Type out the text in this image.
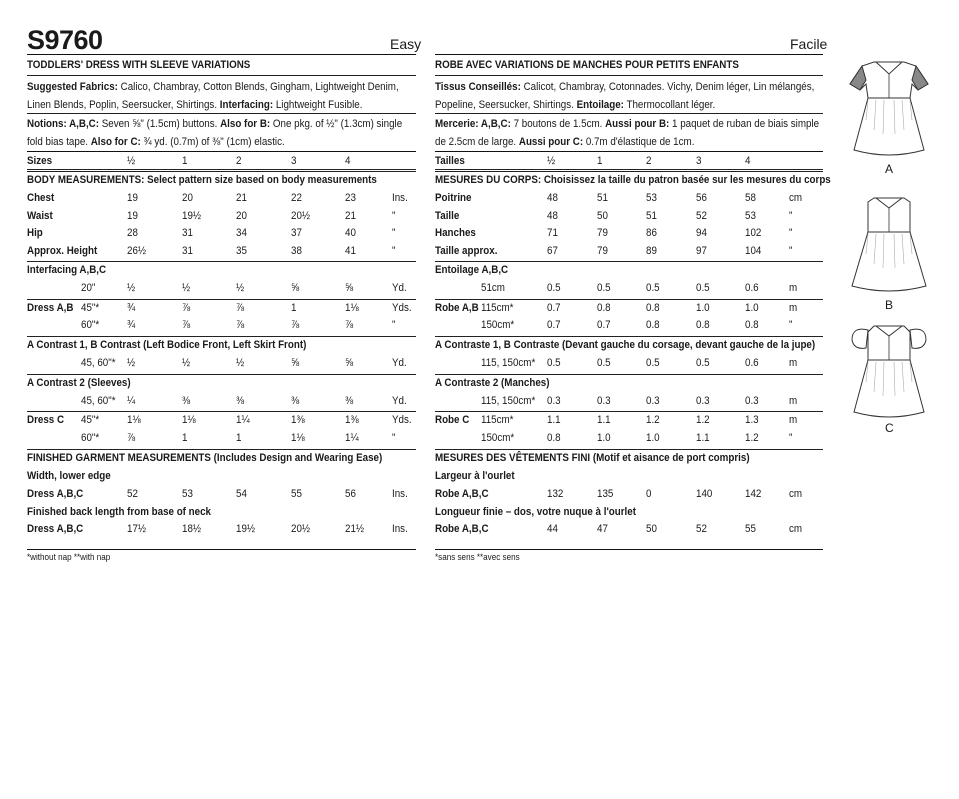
S9760	Easy	Facile
TODDLERS' DRESS WITH SLEEVE VARIATIONS
Suggested Fabrics: Calico, Chambray, Cotton Blends, Gingham, Lightweight Denim,
Linen Blends, Poplin, Seersucker, Shirtings. Interfacing: Lightweight Fusible.
Notions: A,B,C: Seven ⅝" (1.5cm) buttons. Also for B: One pkg. of ½" (1.3cm) single
fold bias tape. Also for C: ¾ yd. (0.7m) of ⅜" (1cm) elastic.
Sizes	½	1	2	3	4
BODY MEASUREMENTS: Select pattern size based on body measurements
Chest	19	20	21	22	23	Ins.
Waist	19	19½	20	20½	21	"
Hip	28	31	34	37	40	"
Approx. Height	26½	31	35	38	41	"
Interfacing A,B,C
20"	½	½	½	⅝	⅝	Yd.
Dress A,B 45"* ¾	⅞	⅞	1	1⅛	Yds.
60"* ¾	⅞	⅞	⅞	⅞	"
A Contrast 1, B Contrast (Left Bodice Front, Left Skirt Front)
45, 60"* ½	½	½	⅝	⅝	Yd.
A Contrast 2 (Sleeves)
45, 60"* ¼	⅜	⅜	⅜	⅜	Yd.
Dress C 45"* 1⅛	1⅛	1¼	1⅜	1⅜	Yds.
60"* ⅞	1	1	1⅛	1¼	"
FINISHED GARMENT MEASUREMENTS (Includes Design and Wearing Ease)
Width, lower edge
Dress A,B,C	52	53	54	55	56	Ins.
Finished back length from base of neck
Dress A,B,C	17½	18½	19½	20½	21½ Ins.
*without nap **with nap
ROBE AVEC VARIATIONS DE MANCHES POUR PETITS ENFANTS
Tissus Conseillés: Calicot, Chambray, Cotonnades. Vichy, Denim léger, Lin mélangés,
Popeline, Seersucker, Shirtings. Entoilage: Thermocollant léger.
Mercerie: A,B,C: 7 boutons de 1.5cm. Aussi pour B: 1 paquet de ruban de biais simple
de 2.5cm de large. Aussi pour C: 0.7m d'élastique de 1cm.
Tailles	½	1	2	3	4
MESURES DU CORPS: Choisissez la taille du patron basée sur les mesures du corps
Poitrine	48	51	53	56	58	cm
Taille	48	50	51	52	53	"
Hanches	71	79	86	94	102 "
Taille approx.	67	79	89	97	104 "
Entoilage A,B,C
51cm	0.5	0.5	0.5	0.5	0.6	m
Robe A,B 115cm*	0.7	0.8	0.8	1.0	1.0	m
150cm*	0.7	0.7	0.8	0.8	0.8	"
A Contraste 1, B Contraste (Devant gauche du corsage, devant gauche de la jupe)
115, 150cm* 0.5	0.5	0.5	0.5	0.6	m
A Contraste 2 (Manches)
115, 150cm* 0.3	0.3	0.3	0.3	0.3	m
Robe C 115cm*	1.1	1.1	1.2	1.2	1.3	m
150cm*	0.8	1.0	1.0	1.1	1.2	"
MESURES DES VÊTEMENTS FINI (Motif et aisance de port compris)
Largeur à l'ourlet
Robe A,B,C	132	135	0	140	142 cm
Longueur finie – dos, votre nuque à l'ourlet
Robe A,B,C	44	47	50	52	55	cm
*sans sens **avec sens
A
B
C
